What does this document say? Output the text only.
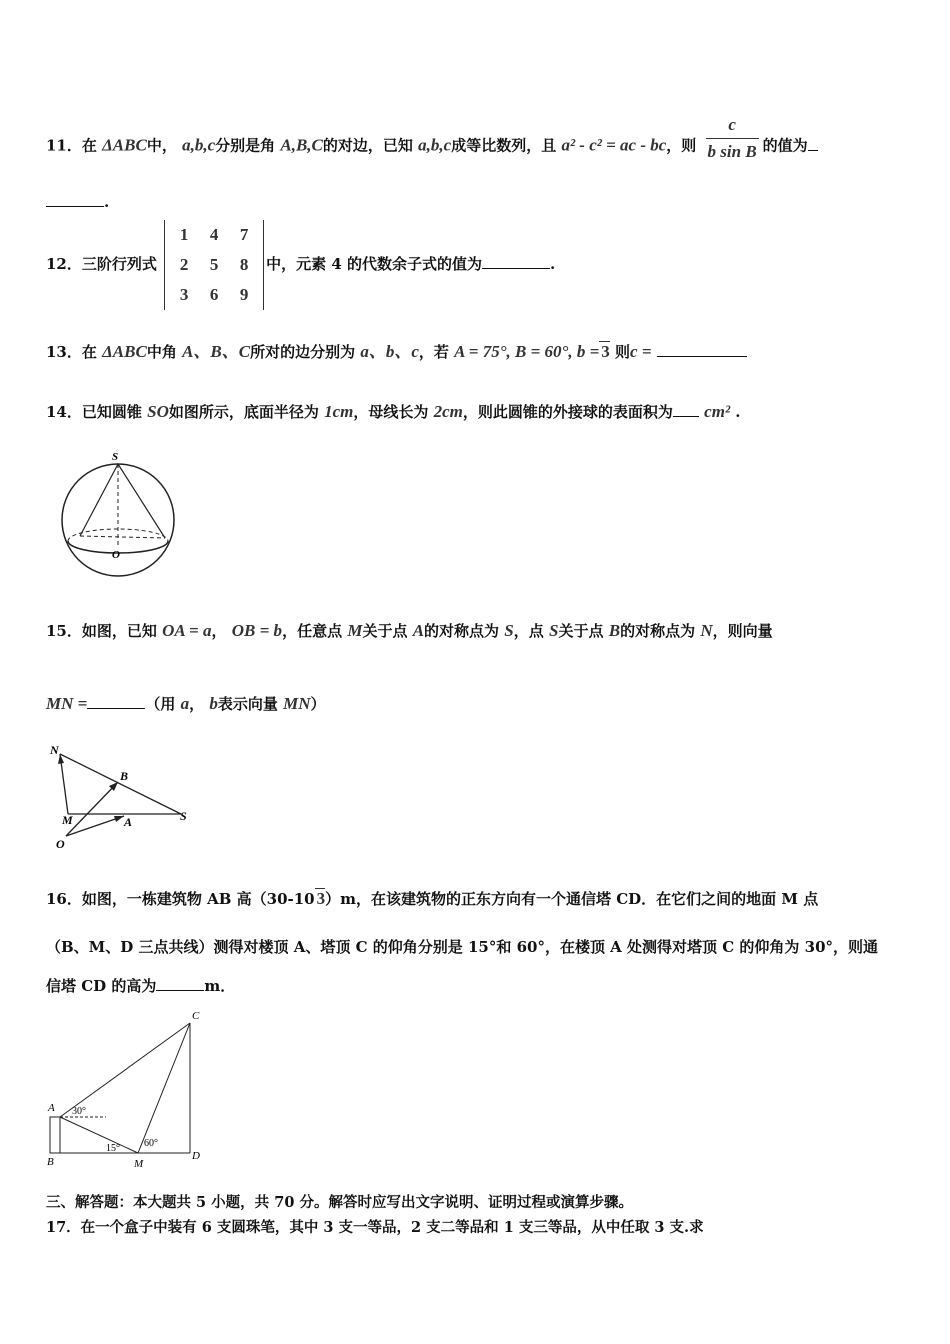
11．在 ΔABC中， a,b,c分别是角 A,B,C的对边，已知 a,b,c成等比数列，且 a² - c² = ac - bc，则 $\frac{c}{\text{b sin B}}$ 的值为
.
12．三阶行列式
1	4	7
2	5	8
3	6	9
中，元素 4 的代数余子式的值为	.
13．在 ΔABC中角 A、B、C所对的边分别为 a、b、c，若 A = 75°, B = 60°, b = 3 则c =
14．已知圆锥 SO如图所示，底面半径为 1cm，母线长为 2cm，则此圆锥的外接球的表面积为 cm² .
S
O
15．如图，已知 OA = a， OB = b，任意点 M关于点 A的对称点为 S，点 S关于点 B的对称点为 N，则向量
MN =	（用 a， b表示向量 MN）
N
B
M	A	S
O
16．如图，一栋建筑物 AB 高（30-10 3）m，在该建筑物的正东方向有一个通信塔 CD．在它们之间的地面 M 点
（B、M、D 三点共线）测得对楼顶 A、塔顶 C 的仰角分别是 15°和 60°，在楼顶 A 处测得对塔顶 C 的仰角为 30°，则通
信塔 CD 的高为	m．
C
A
B	M
D
30°
15° 60°
三、解答题：本大题共 5 小题，共 70 分。解答时应写出文字说明、证明过程或演算步骤。
17．在一个盒子中装有 6 支圆珠笔，其中 3 支一等品，2 支二等品和 1 支三等品，从中任取 3 支.求
